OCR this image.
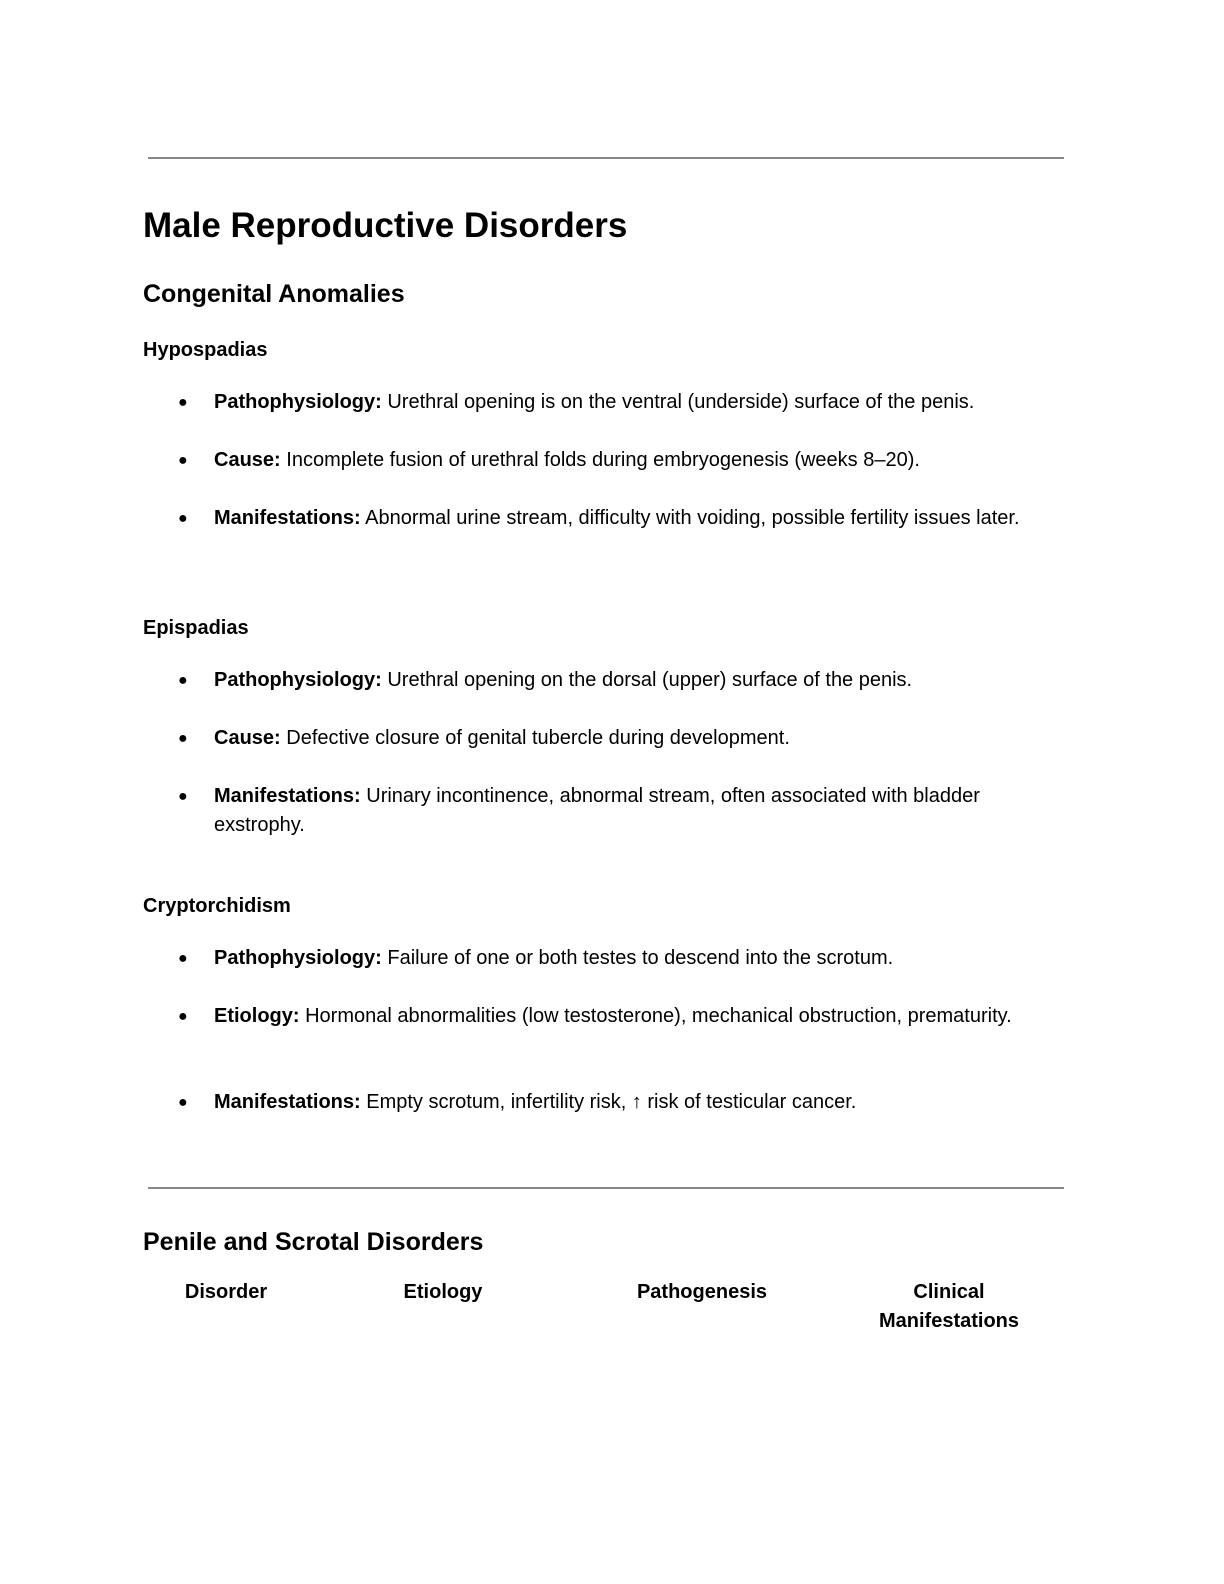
Male Reproductive Disorders
Congenital Anomalies
Hypospadias
● Pathophysiology: Urethral opening is on the ventral (underside) surface of the penis.
● Cause: Incomplete fusion of urethral folds during embryogenesis (weeks 8–20).
● Manifestations: Abnormal urine stream, difficulty with voiding, possible fertility issues later.
Epispadias
● Pathophysiology: Urethral opening on the dorsal (upper) surface of the penis.
● Cause: Defective closure of genital tubercle during development.
● Manifestations: Urinary incontinence, abnormal stream, often associated with bladder exstrophy.
Cryptorchidism
● Pathophysiology: Failure of one or both testes to descend into the scrotum.
● Etiology: Hormonal abnormalities (low testosterone), mechanical obstruction, prematurity.
● Manifestations: Empty scrotum, infertility risk, ↑ risk of testicular cancer.
Penile and Scrotal Disorders
Disorder	Etiology	Pathogenesis	Clinical Manifestations
